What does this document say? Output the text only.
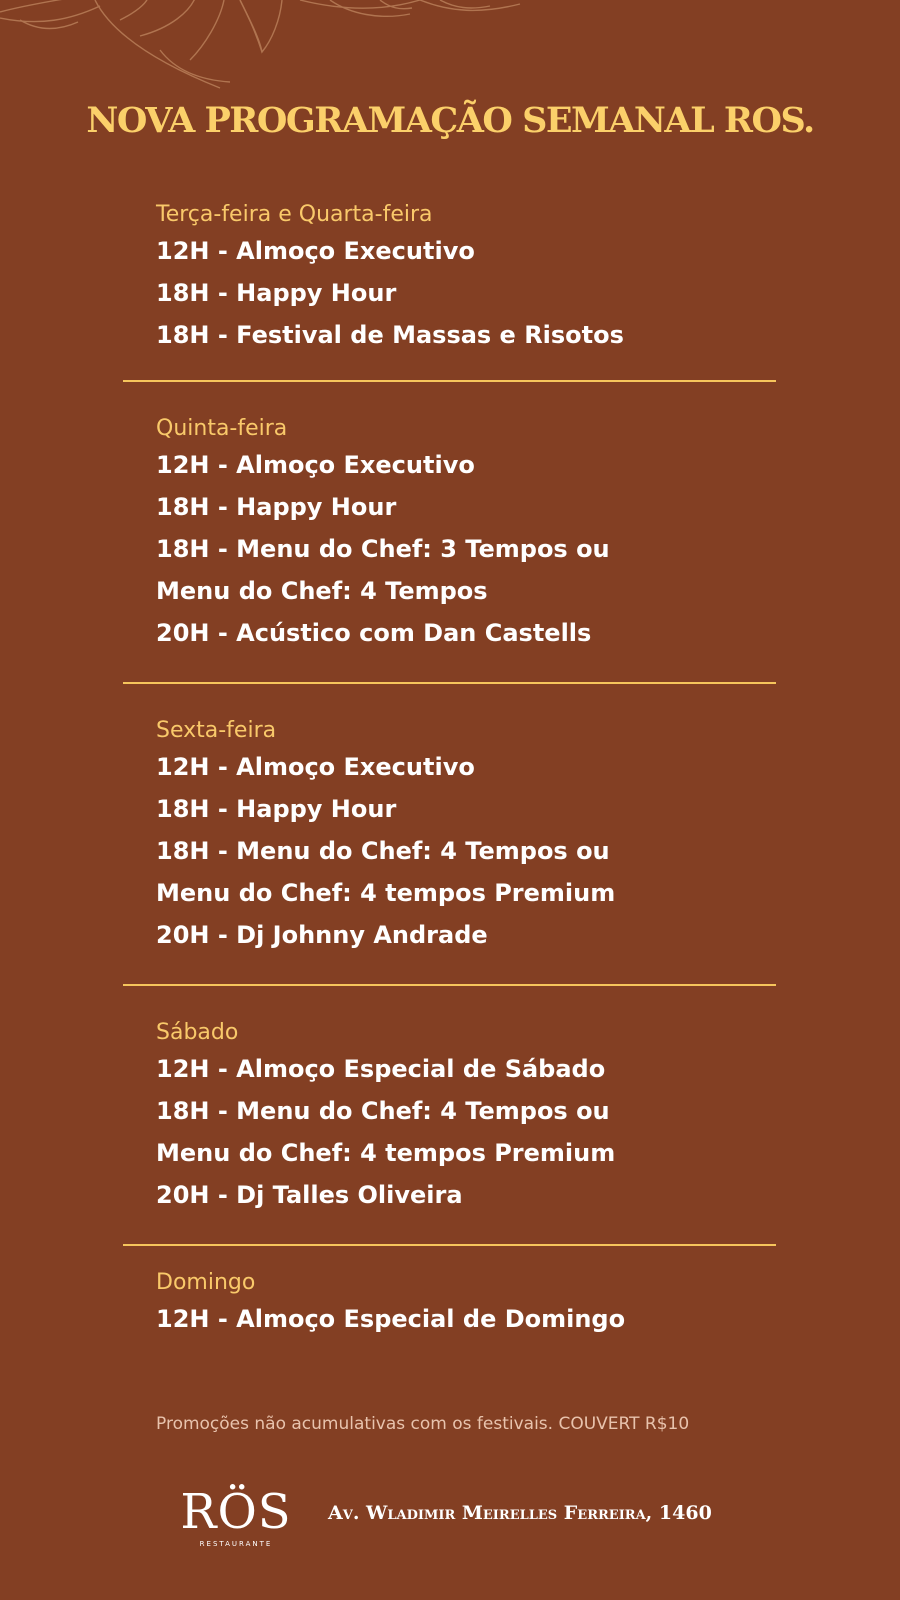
NOVA PROGRAMAÇÃO SEMANAL ROS.
Terça-feira e Quarta-feira
12H - Almoço Executivo
18H - Happy Hour
18H - Festival de Massas e Risotos
Quinta-feira
12H - Almoço Executivo
18H - Happy Hour
18H - Menu do Chef: 3 Tempos ou
Menu do Chef: 4 Tempos
20H - Acústico com Dan Castells
Sexta-feira
12H - Almoço Executivo
18H - Happy Hour
18H - Menu do Chef: 4 Tempos ou
Menu do Chef: 4 tempos Premium
20H - Dj Johnny Andrade
Sábado
12H - Almoço Especial de Sábado
18H - Menu do Chef: 4 Tempos ou
Menu do Chef: 4 tempos Premium
20H - Dj Talles Oliveira
Domingo
12H - Almoço Especial de Domingo
Promoções não acumulativas com os festivais. COUVERT R$10
RÖS
RESTAURANTE
Av. Wladimir Meirelles Ferreira, 1460
